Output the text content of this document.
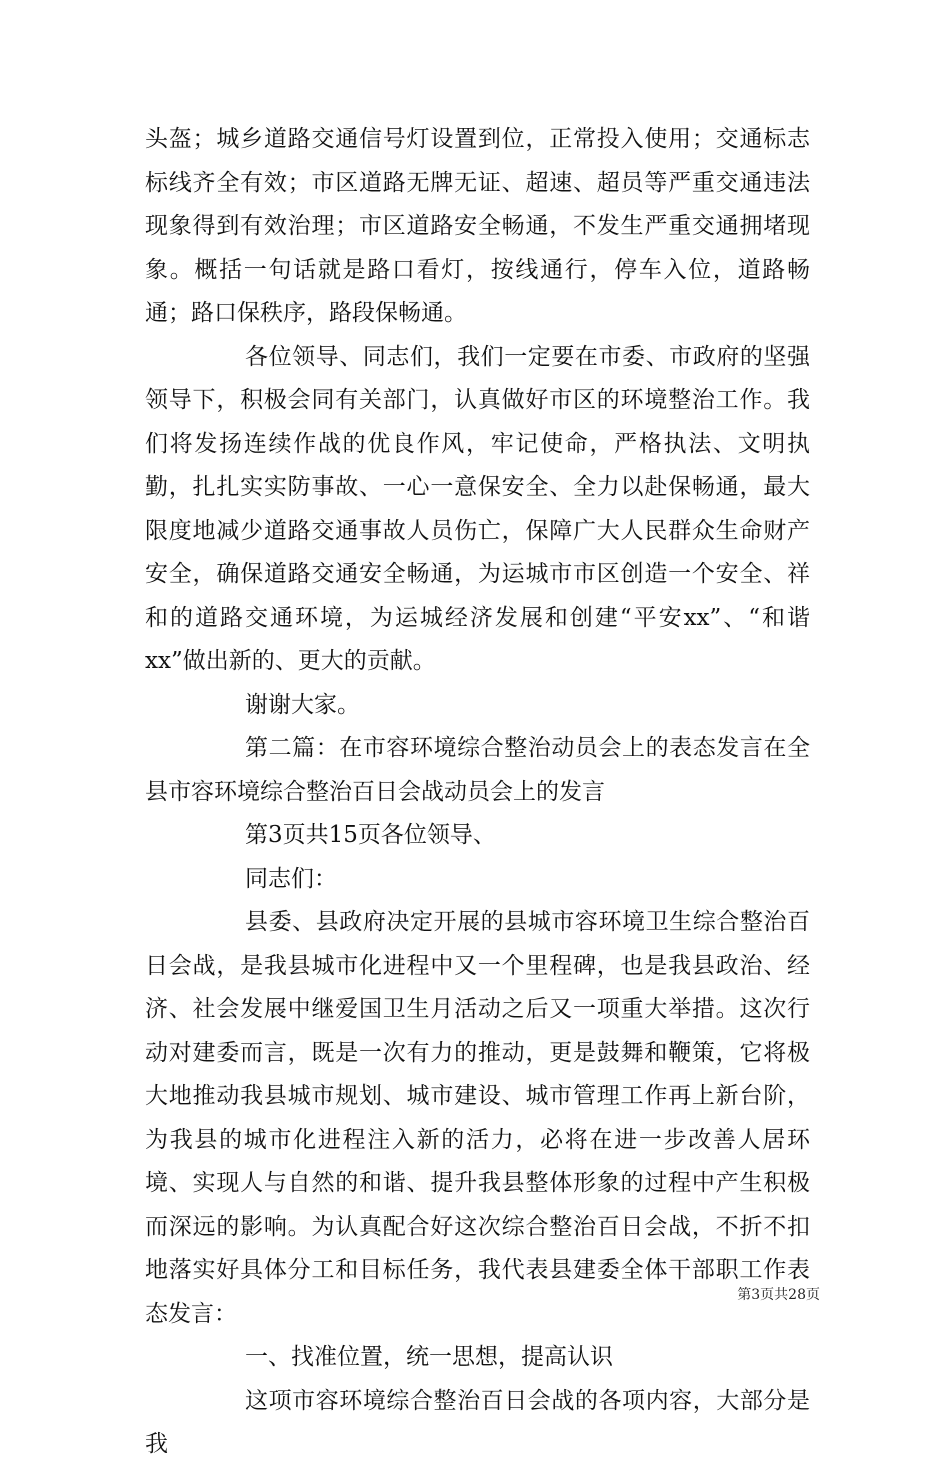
头盔；城乡道路交通信号灯设置到位，正常投入使用；交通标志标线齐全有效；市区道路无牌无证、超速、超员等严重交通违法现象得到有效治理；市区道路安全畅通，不发生严重交通拥堵现象。概括一句话就是路口看灯，按线通行，停车入位，道路畅通；路口保秩序，路段保畅通。

各位领导、同志们，我们一定要在市委、市政府的坚强领导下，积极会同有关部门，认真做好市区的环境整治工作。我们将发扬连续作战的优良作风，牢记使命，严格执法、文明执勤，扎扎实实防事故、一心一意保安全、全力以赴保畅通，最大限度地减少道路交通事故人员伤亡，保障广大人民群众生命财产安全，确保道路交通安全畅通，为运城市市区创造一个安全、祥和的道路交通环境，为运城经济发展和创建“平安xx”、“和谐xx”做出新的、更大的贡献。

谢谢大家。

第二篇：在市容环境综合整治动员会上的表态发言在全县市容环境综合整治百日会战动员会上的发言

第3页共15页各位领导、

同志们：

县委、县政府决定开展的县城市容环境卫生综合整治百日会战，是我县城市化进程中又一个里程碑，也是我县政治、经济、社会发展中继爱国卫生月活动之后又一项重大举措。这次行动对建委而言，既是一次有力的推动，更是鼓舞和鞭策，它将极大地推动我县城市规划、城市建设、城市管理工作再上新台阶，为我县的城市化进程注入新的活力，必将在进一步改善人居环境、实现人与自然的和谐、提升我县整体形象的过程中产生积极而深远的影响。为认真配合好这次综合整治百日会战，不折不扣地落实好具体分工和目标任务，我代表县建委全体干部职工作表态发言：

一、找准位置，统一思想，提高认识

这项市容环境综合整治百日会战的各项内容，大部分是我

第3页共28页
